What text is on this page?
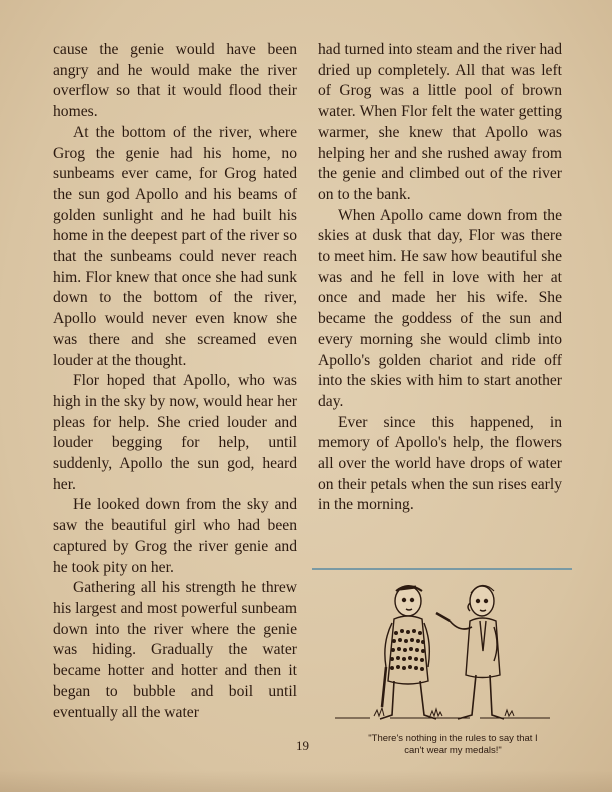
cause the genie would have been angry and he would make the river overflow so that it would flood their homes.

At the bottom of the river, where Grog the genie had his home, no sunbeams ever came, for Grog hated the sun god Apollo and his beams of golden sunlight and he had built his home in the deepest part of the river so that the sunbeams could never reach him. Flor knew that once she had sunk down to the bottom of the river, Apollo would never even know she was there and she screamed even louder at the thought.

Flor hoped that Apollo, who was high in the sky by now, would hear her pleas for help. She cried louder and louder begging for help, until suddenly, Apollo the sun god, heard her.

He looked down from the sky and saw the beautiful girl who had been captured by Grog the river genie and he took pity on her.

Gathering all his strength he threw his largest and most powerful sunbeam down into the river where the genie was hiding. Gradually the water became hotter and hotter and then it began to bubble and boil until eventually all the water

had turned into steam and the river had dried up completely. All that was left of Grog was a little pool of brown water. When Flor felt the water getting warmer, she knew that Apollo was helping her and she rushed away from the genie and climbed out of the river on to the bank.

When Apollo came down from the skies at dusk that day, Flor was there to meet him. He saw how beautiful she was and he fell in love with her at once and made her his wife. She became the goddess of the sun and every morning she would climb into Apollo's golden chariot and ride off into the skies with him to start another day.

Ever since this happened, in memory of Apollo's help, the flowers all over the world have drops of water on their petals when the sun rises early in the morning.

"There's nothing in the rules to say that I can't wear my medals!"
19
